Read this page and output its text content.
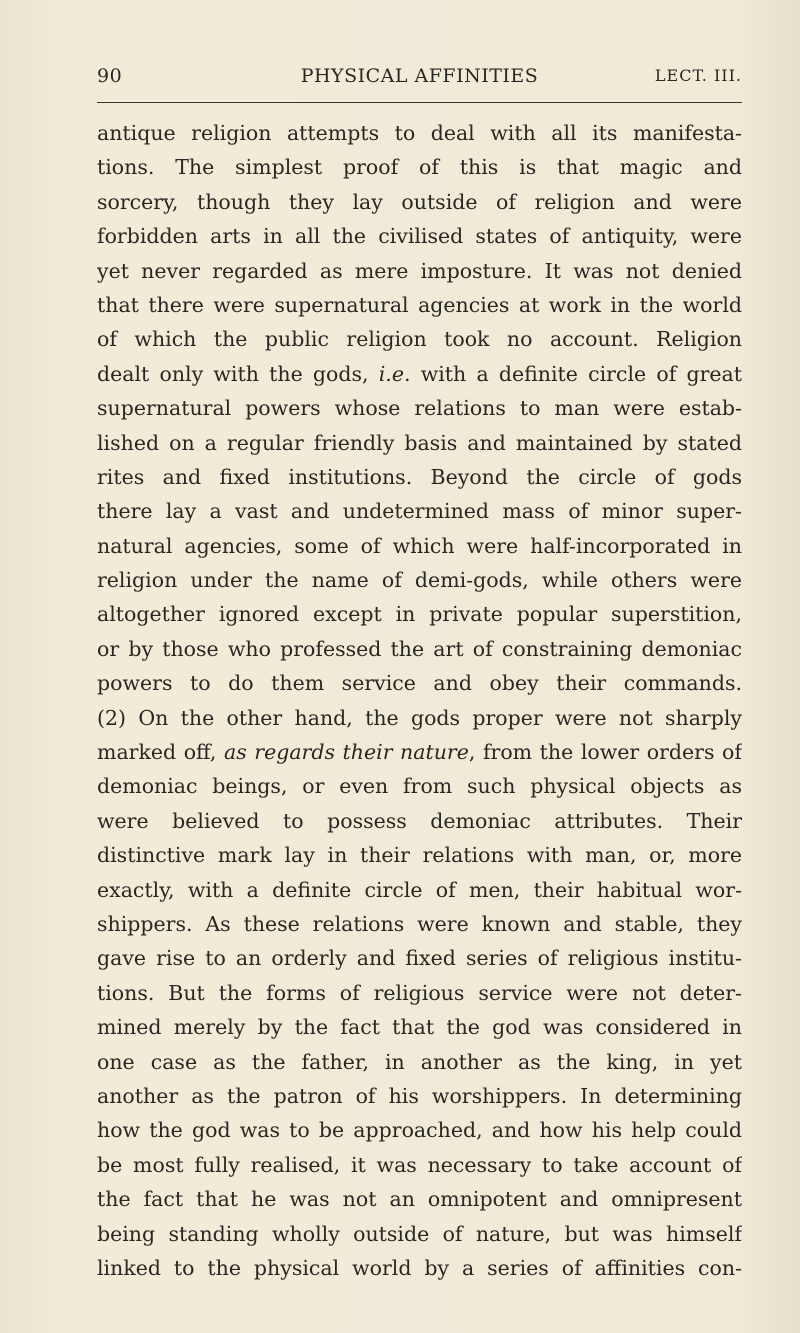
90	PHYSICAL AFFINITIES	LECT. III.
antique religion attempts to deal with all its manifesta-
tions. The simplest proof of this is that magic and
sorcery, though they lay outside of religion and were
forbidden arts in all the civilised states of antiquity, were
yet never regarded as mere imposture. It was not denied
that there were supernatural agencies at work in the world
of which the public religion took no account. Religion
dealt only with the gods, i.e. with a definite circle of great
supernatural powers whose relations to man were estab-
lished on a regular friendly basis and maintained by stated
rites and fixed institutions. Beyond the circle of gods
there lay a vast and undetermined mass of minor super-
natural agencies, some of which were half-incorporated in
religion under the name of demi-gods, while others were
altogether ignored except in private popular superstition,
or by those who professed the art of constraining demoniac
powers to do them service and obey their commands.
(2) On the other hand, the gods proper were not sharply
marked off, as regards their nature, from the lower orders of
demoniac beings, or even from such physical objects as
were believed to possess demoniac attributes. Their
distinctive mark lay in their relations with man, or, more
exactly, with a definite circle of men, their habitual wor-
shippers. As these relations were known and stable, they
gave rise to an orderly and fixed series of religious institu-
tions. But the forms of religious service were not deter-
mined merely by the fact that the god was considered in
one case as the father, in another as the king, in yet
another as the patron of his worshippers. In determining
how the god was to be approached, and how his help could
be most fully realised, it was necessary to take account of
the fact that he was not an omnipotent and omnipresent
being standing wholly outside of nature, but was himself
linked to the physical world by a series of affinities con-
